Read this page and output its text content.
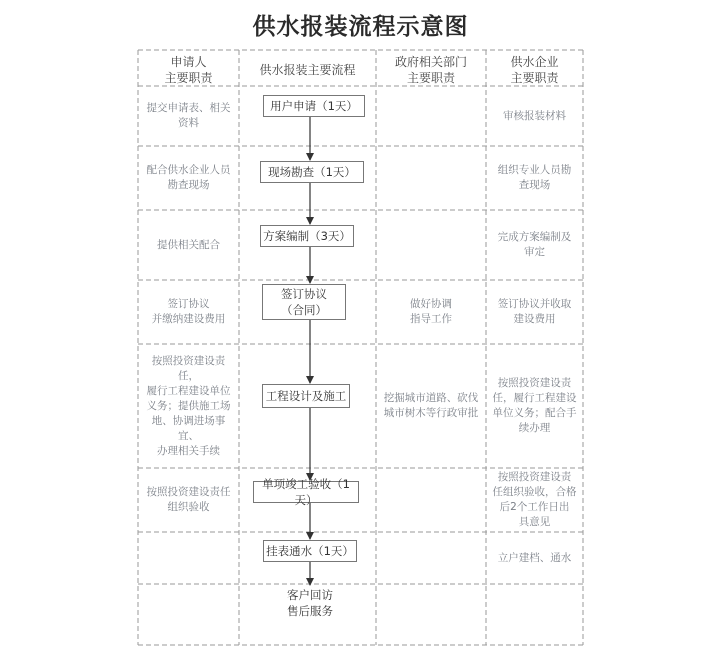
供水报装流程示意图
申请人
主要职责
供水报装主要流程
政府相关部门
主要职责
供水企业
主要职责
提交申请表、相关
资料
审核报装材料
用户申请（1天）
配合供水企业人员
勘查现场
组织专业人员勘
查现场
现场勘查（1天）
提供相关配合
完成方案编制及
审定
方案编制（3天）
签订协议
并缴纳建设费用
做好协调
指导工作
签订协议并收取
建设费用
签订协议
（合同）
按照投资建设责
任，
履行工程建设单位
义务；提供施工场
地、协调进场事宜、
办理相关手续
挖掘城市道路、砍伐
城市树木等行政审批
按照投资建设责
任，履行工程建设
单位义务；配合手
续办理
工程设计及施工
按照投资建设责任
组织验收
按照投资建设责
任组织验收，合格
后2个工作日出
具意见
单项竣工验收（1天）
立户建档、通水
挂表通水（1天）
客户回访
售后服务
